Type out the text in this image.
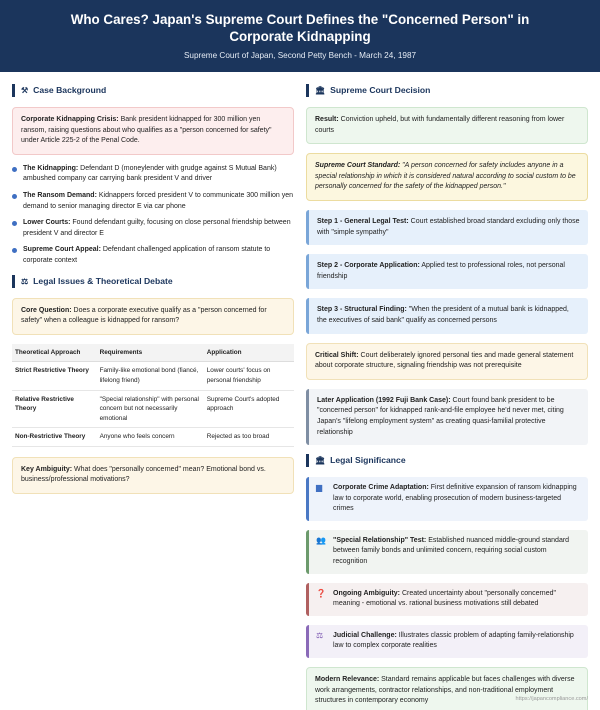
Who Cares? Japan's Supreme Court Defines the "Concerned Person" in Corporate Kidnapping
Supreme Court of Japan, Second Petty Bench - March 24, 1987
⚒ Case Background
Corporate Kidnapping Crisis: Bank president kidnapped for 300 million yen ransom, raising questions about who qualifies as a "person concerned for safety" under Article 225-2 of the Penal Code.
The Kidnapping: Defendant D (moneylender with grudge against S Mutual Bank) ambushed company car carrying bank president V and driver
The Ransom Demand: Kidnappers forced president V to communicate 300 million yen demand to senior managing director E via car phone
Lower Courts: Found defendant guilty, focusing on close personal friendship between president V and director E
Supreme Court Appeal: Defendant challenged application of ransom statute to corporate context
⚖ Legal Issues & Theoretical Debate
Core Question: Does a corporate executive qualify as a "person concerned for safety" when a colleague is kidnapped for ransom?
Theoretical Approach	Requirements	Application
Strict Restrictive Theory	Family-like emotional bond (fiancé, lifelong friend)	Lower courts' focus on personal friendship
Relative Restrictive Theory	"Special relationship" with personal concern but not necessarily emotional	Supreme Court's adopted approach
Non-Restrictive Theory	Anyone who feels concern	Rejected as too broad
Key Ambiguity: What does "personally concerned" mean? Emotional bond vs. business/professional motivations?
🏛 Supreme Court Decision
Result: Conviction upheld, but with fundamentally different reasoning from lower courts
Supreme Court Standard: "A person concerned for safety includes anyone in a special relationship in which it is considered natural according to social custom to be personally concerned for the safety of the kidnapped person."
Step 1 - General Legal Test: Court established broad standard excluding only those with "simple sympathy"
Step 2 - Corporate Application: Applied test to professional roles, not personal friendship
Step 3 - Structural Finding: "When the president of a mutual bank is kidnapped, the executives of said bank" qualify as concerned persons
Critical Shift: Court deliberately ignored personal ties and made general statement about corporate structure, signaling friendship was not prerequisite
Later Application (1992 Fuji Bank Case): Court found bank president to be "concerned person" for kidnapped rank-and-file employee he'd never met, citing Japan's "lifelong employment system" as creating quasi-familial protective relationship
🏛 Legal Significance
▆ Corporate Crime Adaptation: First definitive expansion of ransom kidnapping law to corporate world, enabling prosecution of modern business-targeted crimes
👥 "Special Relationship" Test: Established nuanced middle-ground standard between family bonds and unlimited concern, requiring social custom recognition
❓ Ongoing Ambiguity: Created uncertainty about "personally concerned" meaning - emotional vs. rational business motivations still debated
⚖ Judicial Challenge: Illustrates classic problem of adapting family-relationship law to complex corporate realities
Modern Relevance: Standard remains applicable but faces challenges with diverse work arrangements, contractor relationships, and non-traditional employment structures in contemporary economy	https://japancompliance.com/
